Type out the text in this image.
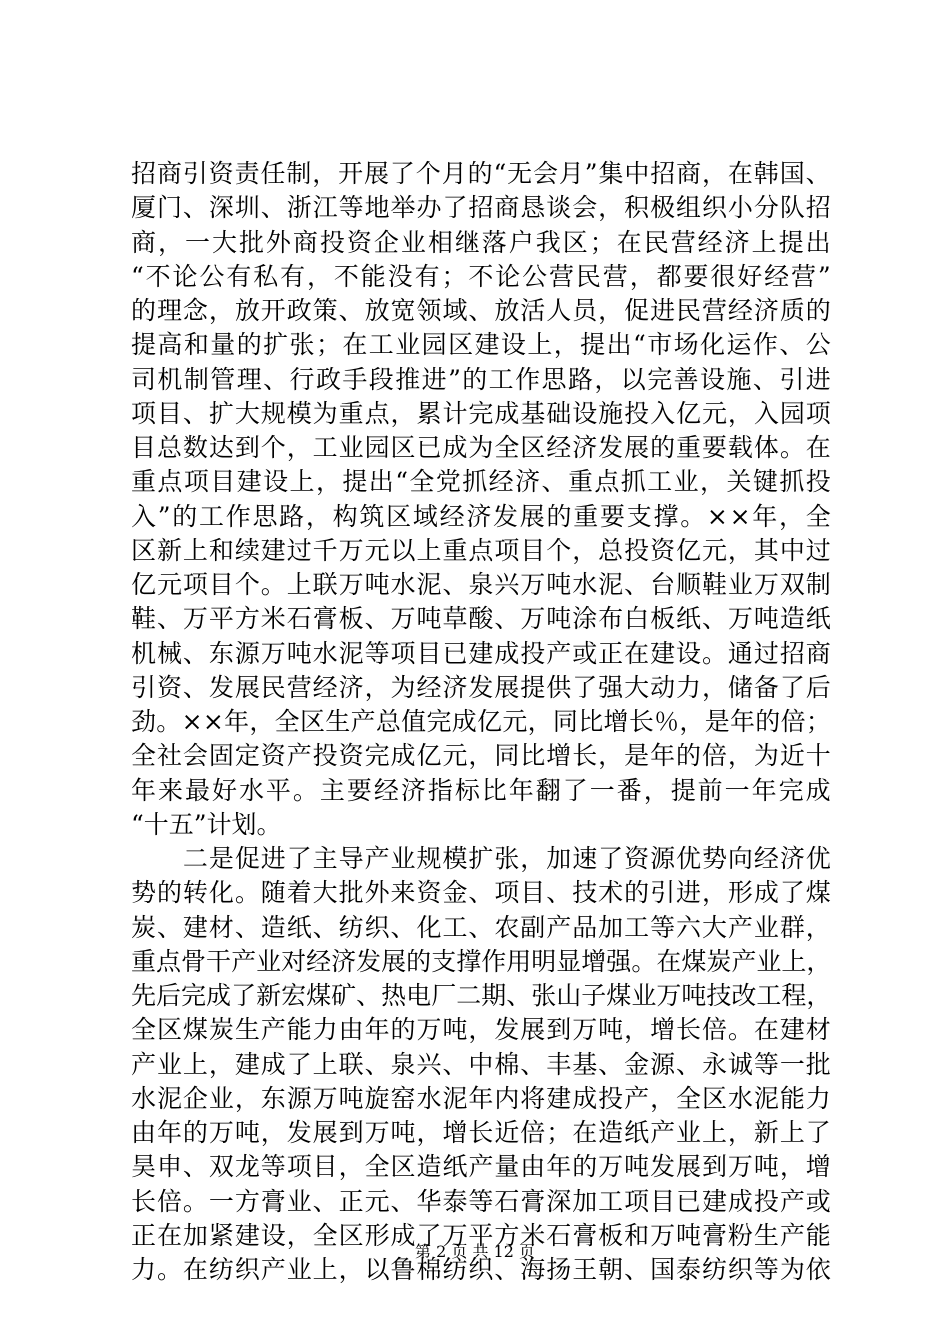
招 商 引 资 责 任 制 ， 开 展 了 个 月 的 “ 无 会 月 ” 集 中 招 商 ， 在 韩 国 、
厦 门 、 深 圳 、 浙 江 等 地 举 办 了 招 商 恳 谈 会 ， 积 极 组 织 小 分 队 招
商 ， 一 大 批 外 商 投 资 企 业 相 继 落 户 我 区 ； 在 民 营 经 济 上 提 出
“ 不 论 公 有 私 有 ， 不 能 没 有 ； 不 论 公 营 民 营 ， 都 要 很 好 经 营 ”
的 理 念 ， 放 开 政 策 、 放 宽 领 域 、 放 活 人 员 ， 促 进 民 营 经 济 质 的
提 高 和 量 的 扩 张 ； 在 工 业 园 区 建 设 上 ， 提 出 “ 市 场 化 运 作 、 公
司 机 制 管 理 、 行 政 手 段 推 进 ” 的 工 作 思 路 ， 以 完 善 设 施 、 引 进
项 目 、 扩 大 规 模 为 重 点 ， 累 计 完 成 基 础 设 施 投 入 亿 元 ， 入 园 项
目 总 数 达 到 个 ， 工 业 园 区 已 成 为 全 区 经 济 发 展 的 重 要 载 体 。 在
重 点 项 目 建 设 上 ， 提 出 “ 全 党 抓 经 济 、 重 点 抓 工 业 ， 关 键 抓 投
入 ” 的 工 作 思 路 ， 构 筑 区 域 经 济 发 展 的 重 要 支 撑 。 × × 年 ， 全
区 新 上 和 续 建 过 千 万 元 以 上 重 点 项 目 个 ， 总 投 资 亿 元 ， 其 中 过
亿 元 项 目 个 。 上 联 万 吨 水 泥 、 泉 兴 万 吨 水 泥 、 台 顺 鞋 业 万 双 制
鞋 、 万 平 方 米 石 膏 板 、 万 吨 草 酸 、 万 吨 涂 布 白 板 纸 、 万 吨 造 纸
机 械 、 东 源 万 吨 水 泥 等 项 目 已 建 成 投 产 或 正 在 建 设 。 通 过 招 商
引 资 、 发 展 民 营 经 济 ， 为 经 济 发 展 提 供 了 强 大 动 力 ， 储 备 了 后
劲 。 × × 年 ， 全 区 生 产 总 值 完 成 亿 元 ， 同 比 增 长 ％ ， 是 年 的 倍 ；
全 社 会 固 定 资 产 投 资 完 成 亿 元 ， 同 比 增 长 ， 是 年 的 倍 ， 为 近 十
年 来 最 好 水 平 。 主 要 经 济 指 标 比 年 翻 了 一 番 ， 提 前 一 年 完 成
“十五”计划。

二 是 促 进 了 主 导 产 业 规 模 扩 张 ， 加 速 了 资 源 优 势 向 经 济 优
势 的 转 化 。 随 着 大 批 外 来 资 金 、 项 目 、 技 术 的 引 进 ， 形 成 了 煤
炭 、 建 材 、 造 纸 、 纺 织 、 化 工 、 农 副 产 品 加 工 等 六 大 产 业 群 ，
重 点 骨 干 产 业 对 经 济 发 展 的 支 撑 作 用 明 显 增 强 。 在 煤 炭 产 业 上 ，
先 后 完 成 了 新 宏 煤 矿 、 热 电 厂 二 期 、 张 山 子 煤 业 万 吨 技 改 工 程 ，
全 区 煤 炭 生 产 能 力 由 年 的 万 吨 ， 发 展 到 万 吨 ， 增 长 倍 。 在 建 材
产 业 上 ， 建 成 了 上 联 、 泉 兴 、 中 棉 、 丰 基 、 金 源 、 永 诚 等 一 批
水 泥 企 业 ， 东 源 万 吨 旋 窑 水 泥 年 内 将 建 成 投 产 ， 全 区 水 泥 能 力
由 年 的 万 吨 ， 发 展 到 万 吨 ， 增 长 近 倍 ； 在 造 纸 产 业 上 ， 新 上 了
昊 申 、 双 龙 等 项 目 ， 全 区 造 纸 产 量 由 年 的 万 吨 发 展 到 万 吨 ， 增
长 倍 。 一 方 膏 业 、 正 元 、 华 泰 等 石 膏 深 加 工 项 目 已 建 成 投 产 或
正 在 加 紧 建 设 ， 全 区 形 成 了 万 平 方 米 石 膏 板 和 万 吨 膏 粉 生 产 能
力 。 在 纺 织 产 业 上 ， 以 鲁 棉 纺 织 、 海 扬 王 朝 、 国 泰 纺 织 等 为 依
第 2 页 共 12 页
